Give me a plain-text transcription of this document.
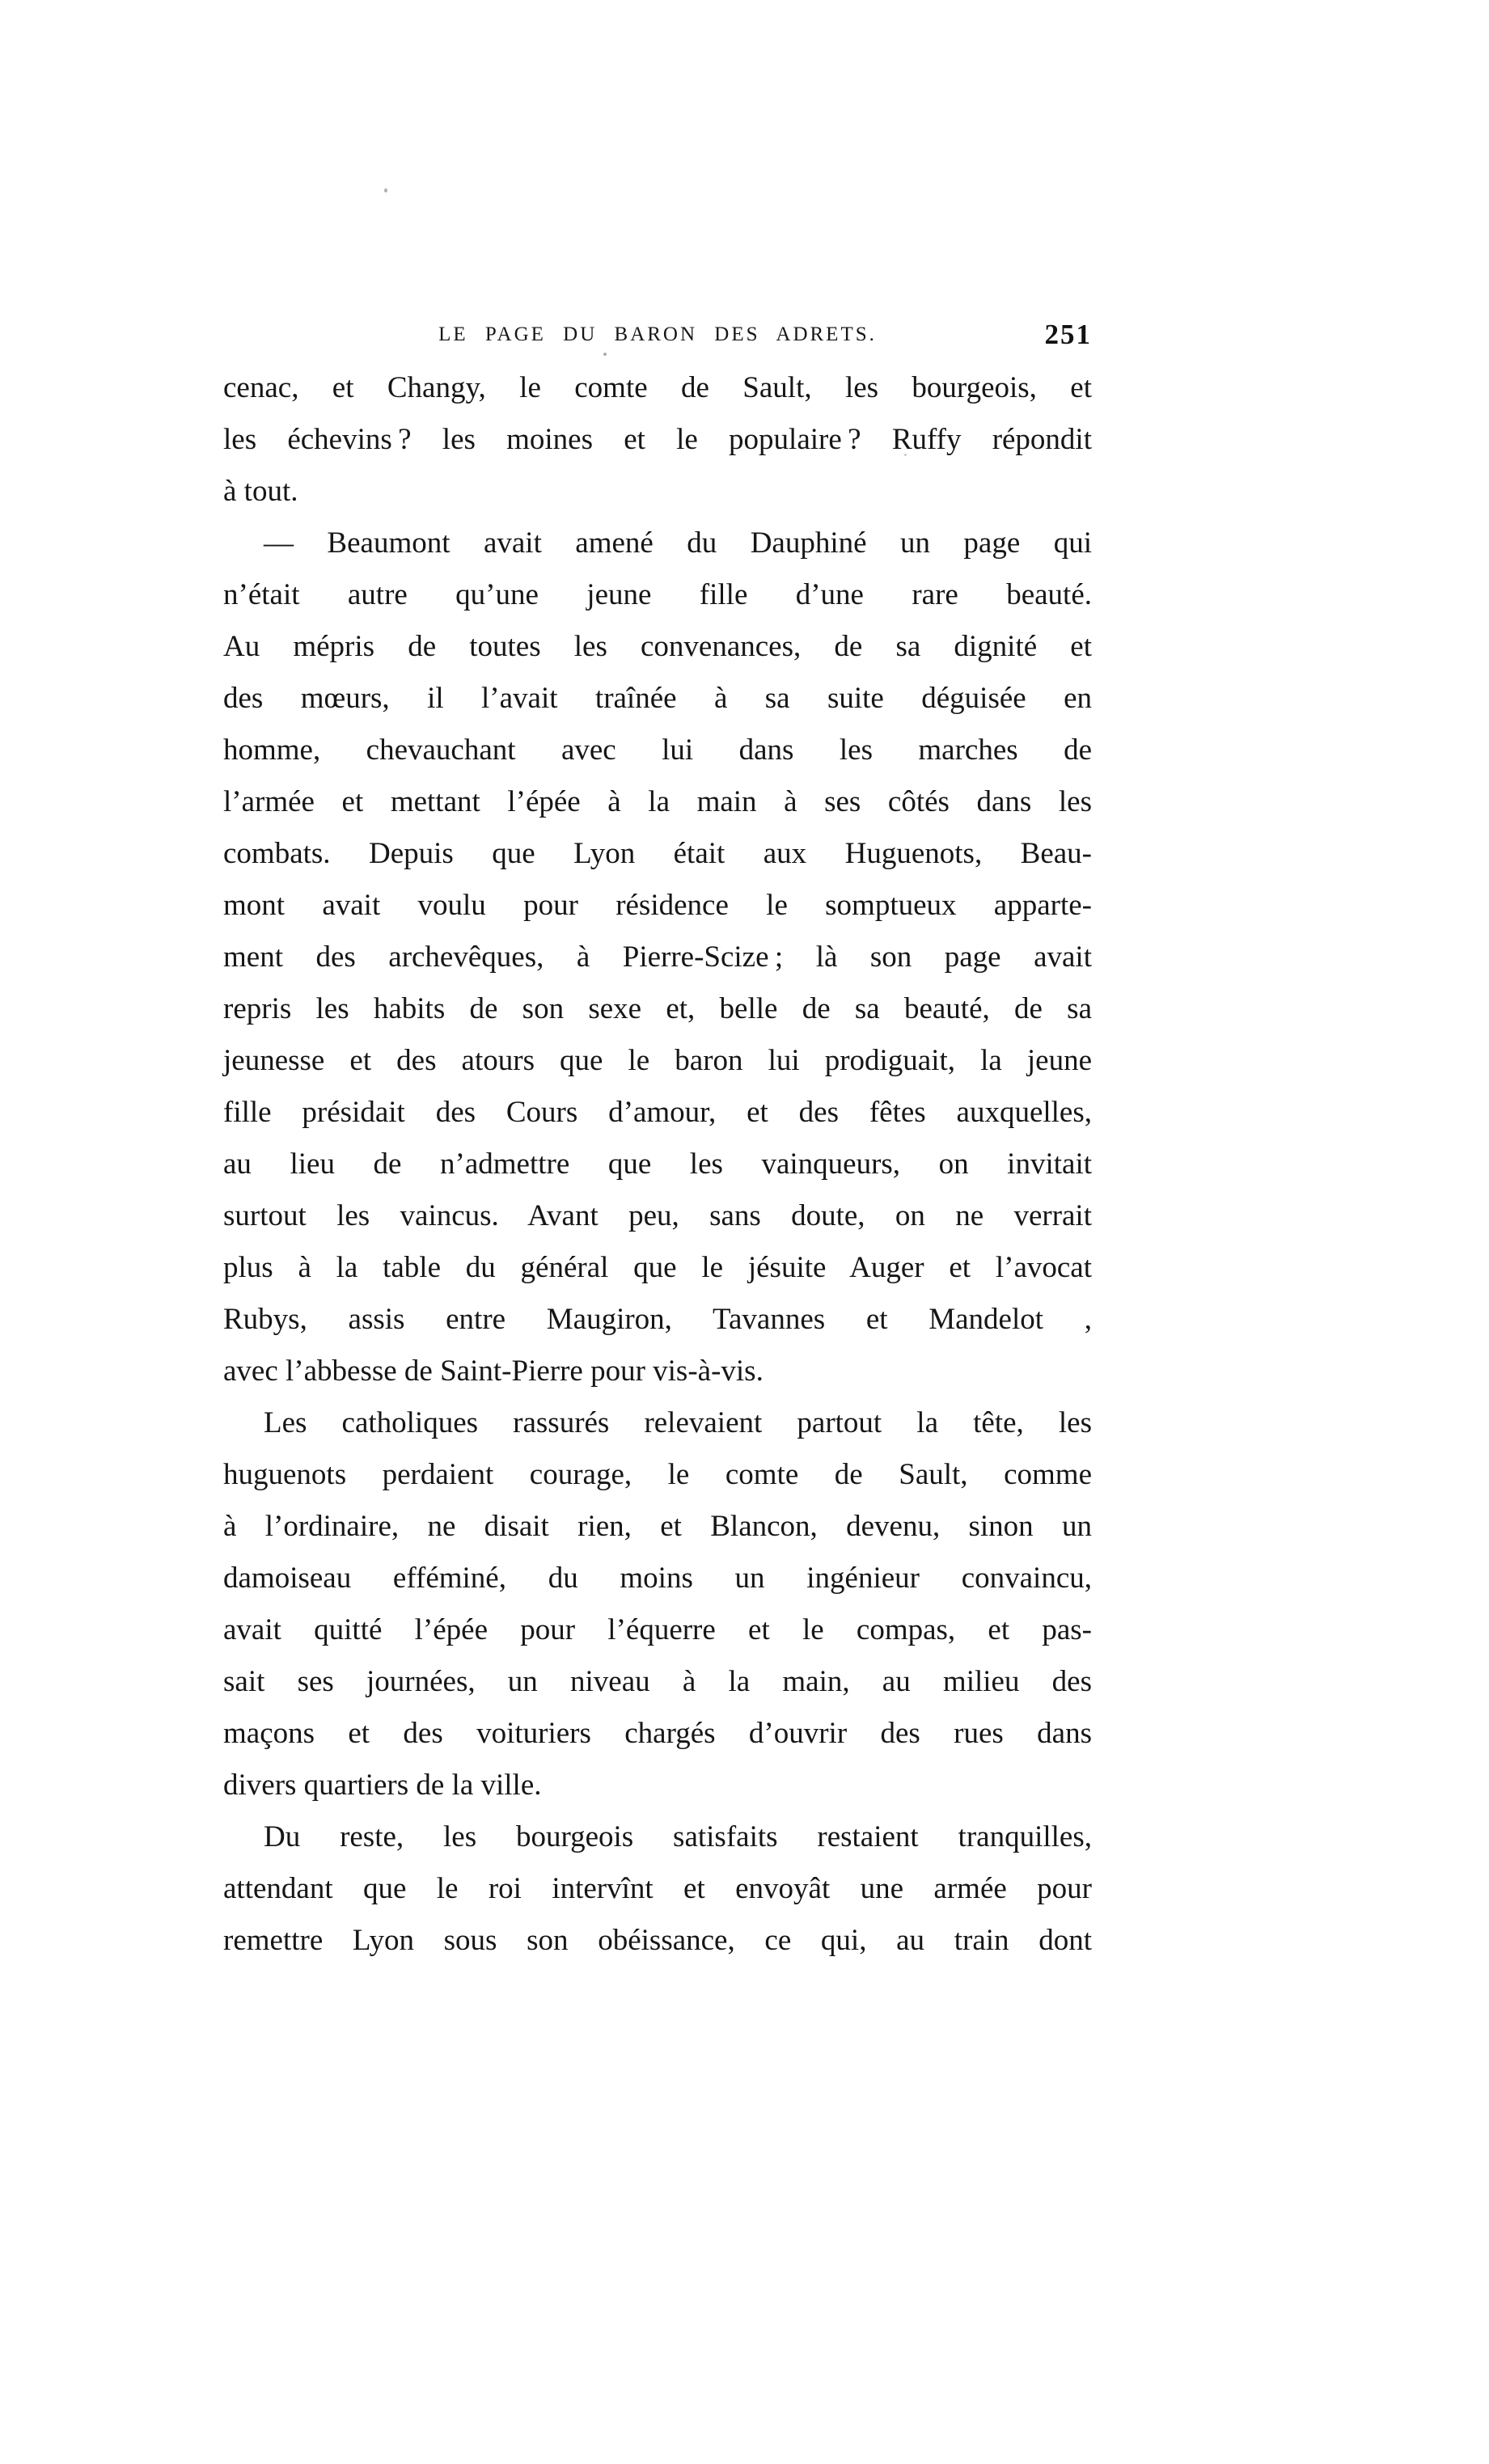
LE PAGE DU BARON DES ADRETS.	251
cenac, et Changy, le comte de Sault, les bourgeois, et
les échevins ? les moines et le populaire ? Ruffy répondit
à tout.
— Beaumont avait amené du Dauphiné un page qui
n’était autre qu’une jeune fille d’une rare beauté.
Au mépris de toutes les convenances, de sa dignité et
des mœurs, il l’avait traînée à sa suite déguisée en
homme, chevauchant avec lui dans les marches de
l’armée et mettant l’épée à la main à ses côtés dans les
combats. Depuis que Lyon était aux Huguenots, Beau-
mont avait voulu pour résidence le somptueux apparte-
ment des archevêques, à Pierre-Scize ; là son page avait
repris les habits de son sexe et, belle de sa beauté, de sa
jeunesse et des atours que le baron lui prodiguait, la jeune
fille présidait des Cours d’amour, et des fêtes auxquelles,
au lieu de n’admettre que les vainqueurs, on invitait
surtout les vaincus. Avant peu, sans doute, on ne verrait
plus à la table du général que le jésuite Auger et l’avocat
Rubys, assis entre Maugiron, Tavannes et Mandelot ,
avec l’abbesse de Saint-Pierre pour vis-à-vis.
Les catholiques rassurés relevaient partout la tête, les
huguenots perdaient courage, le comte de Sault, comme
à l’ordinaire, ne disait rien, et Blancon, devenu, sinon un
damoiseau efféminé, du moins un ingénieur convaincu,
avait quitté l’épée pour l’équerre et le compas, et pas-
sait ses journées, un niveau à la main, au milieu des
maçons et des voituriers chargés d’ouvrir des rues dans
divers quartiers de la ville.
Du reste, les bourgeois satisfaits restaient tranquilles,
attendant que le roi intervînt et envoyât une armée pour
remettre Lyon sous son obéissance, ce qui, au train dont
